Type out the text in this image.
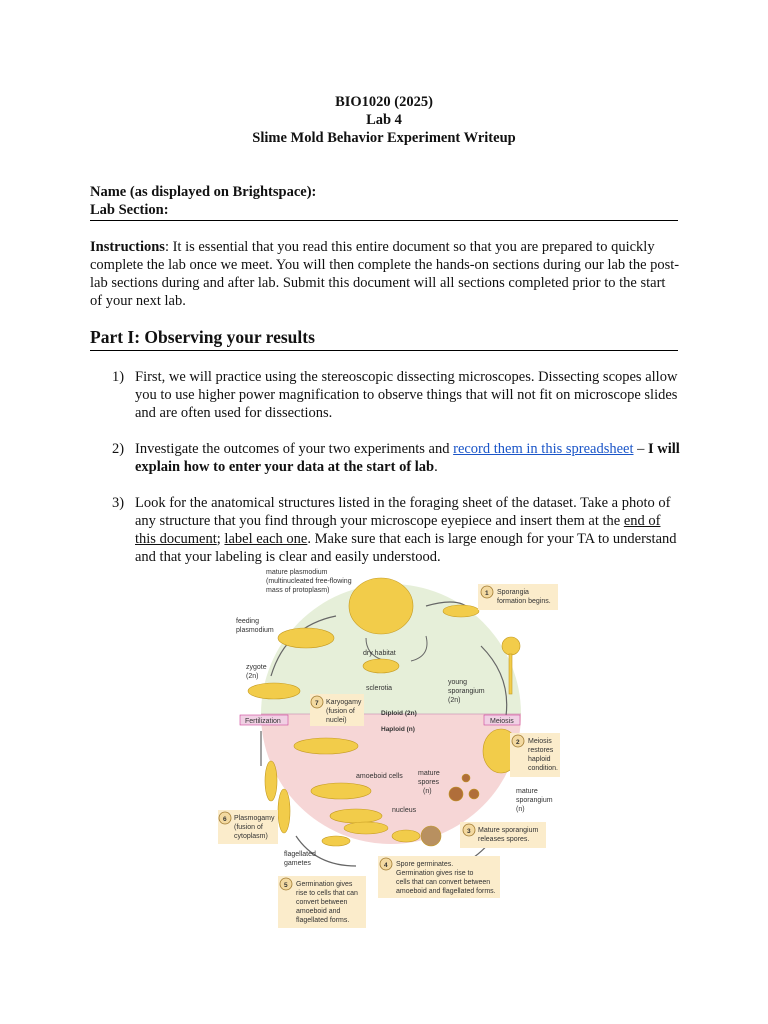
BIO1020 (2025)
Lab 4
Slime Mold Behavior Experiment Writeup
Name (as displayed on Brightspace):
Lab Section:
Instructions: It is essential that you read this entire document so that you are prepared to quickly complete the lab once we meet. You will then complete the hands-on sections during our lab the post-lab sections during and after lab. Submit this document will all sections completed prior to the start of your next lab.
Part I: Observing your results
1) First, we will practice using the stereoscopic dissecting microscopes. Dissecting scopes allow you to use higher power magnification to observe things that will not fit on microscope slides and are often used for dissections.
2) Investigate the outcomes of your two experiments and record them in this spreadsheet – I will explain how to enter your data at the start of lab.
3) Look for the anatomical structures listed in the foraging sheet of the dataset. Take a photo of any structure that you find through your microscope eyepiece and insert them at the end of this document; label each one. Make sure that each is large enough for your TA to understand and that your labeling is clear and easily understood.
mature plasmodium (multinucleated free-flowing mass of protoplasm)
feeding plasmodium
zygote (2n)
dry habitat
sclerotia
young sporangium (2n)
Diploid (2n)
Haploid (n)
amoeboid cells mature spores (n)
nucleus
mature sporangium (n)
flagellated gametes
Fertilization	Meiosis
1 Sporangia formation begins.
2 Meiosis restores haploid condition.
3 Mature sporangium releases spores.
4 Spore germinates. Germination gives rise to cells that can convert between amoeboid and flagellated forms.
5 Germination gives rise to cells that can convert between amoeboid and flagellated forms.
6 Plasmogamy (fusion of cytoplasm)
7 Karyogamy (fusion of nuclei)
